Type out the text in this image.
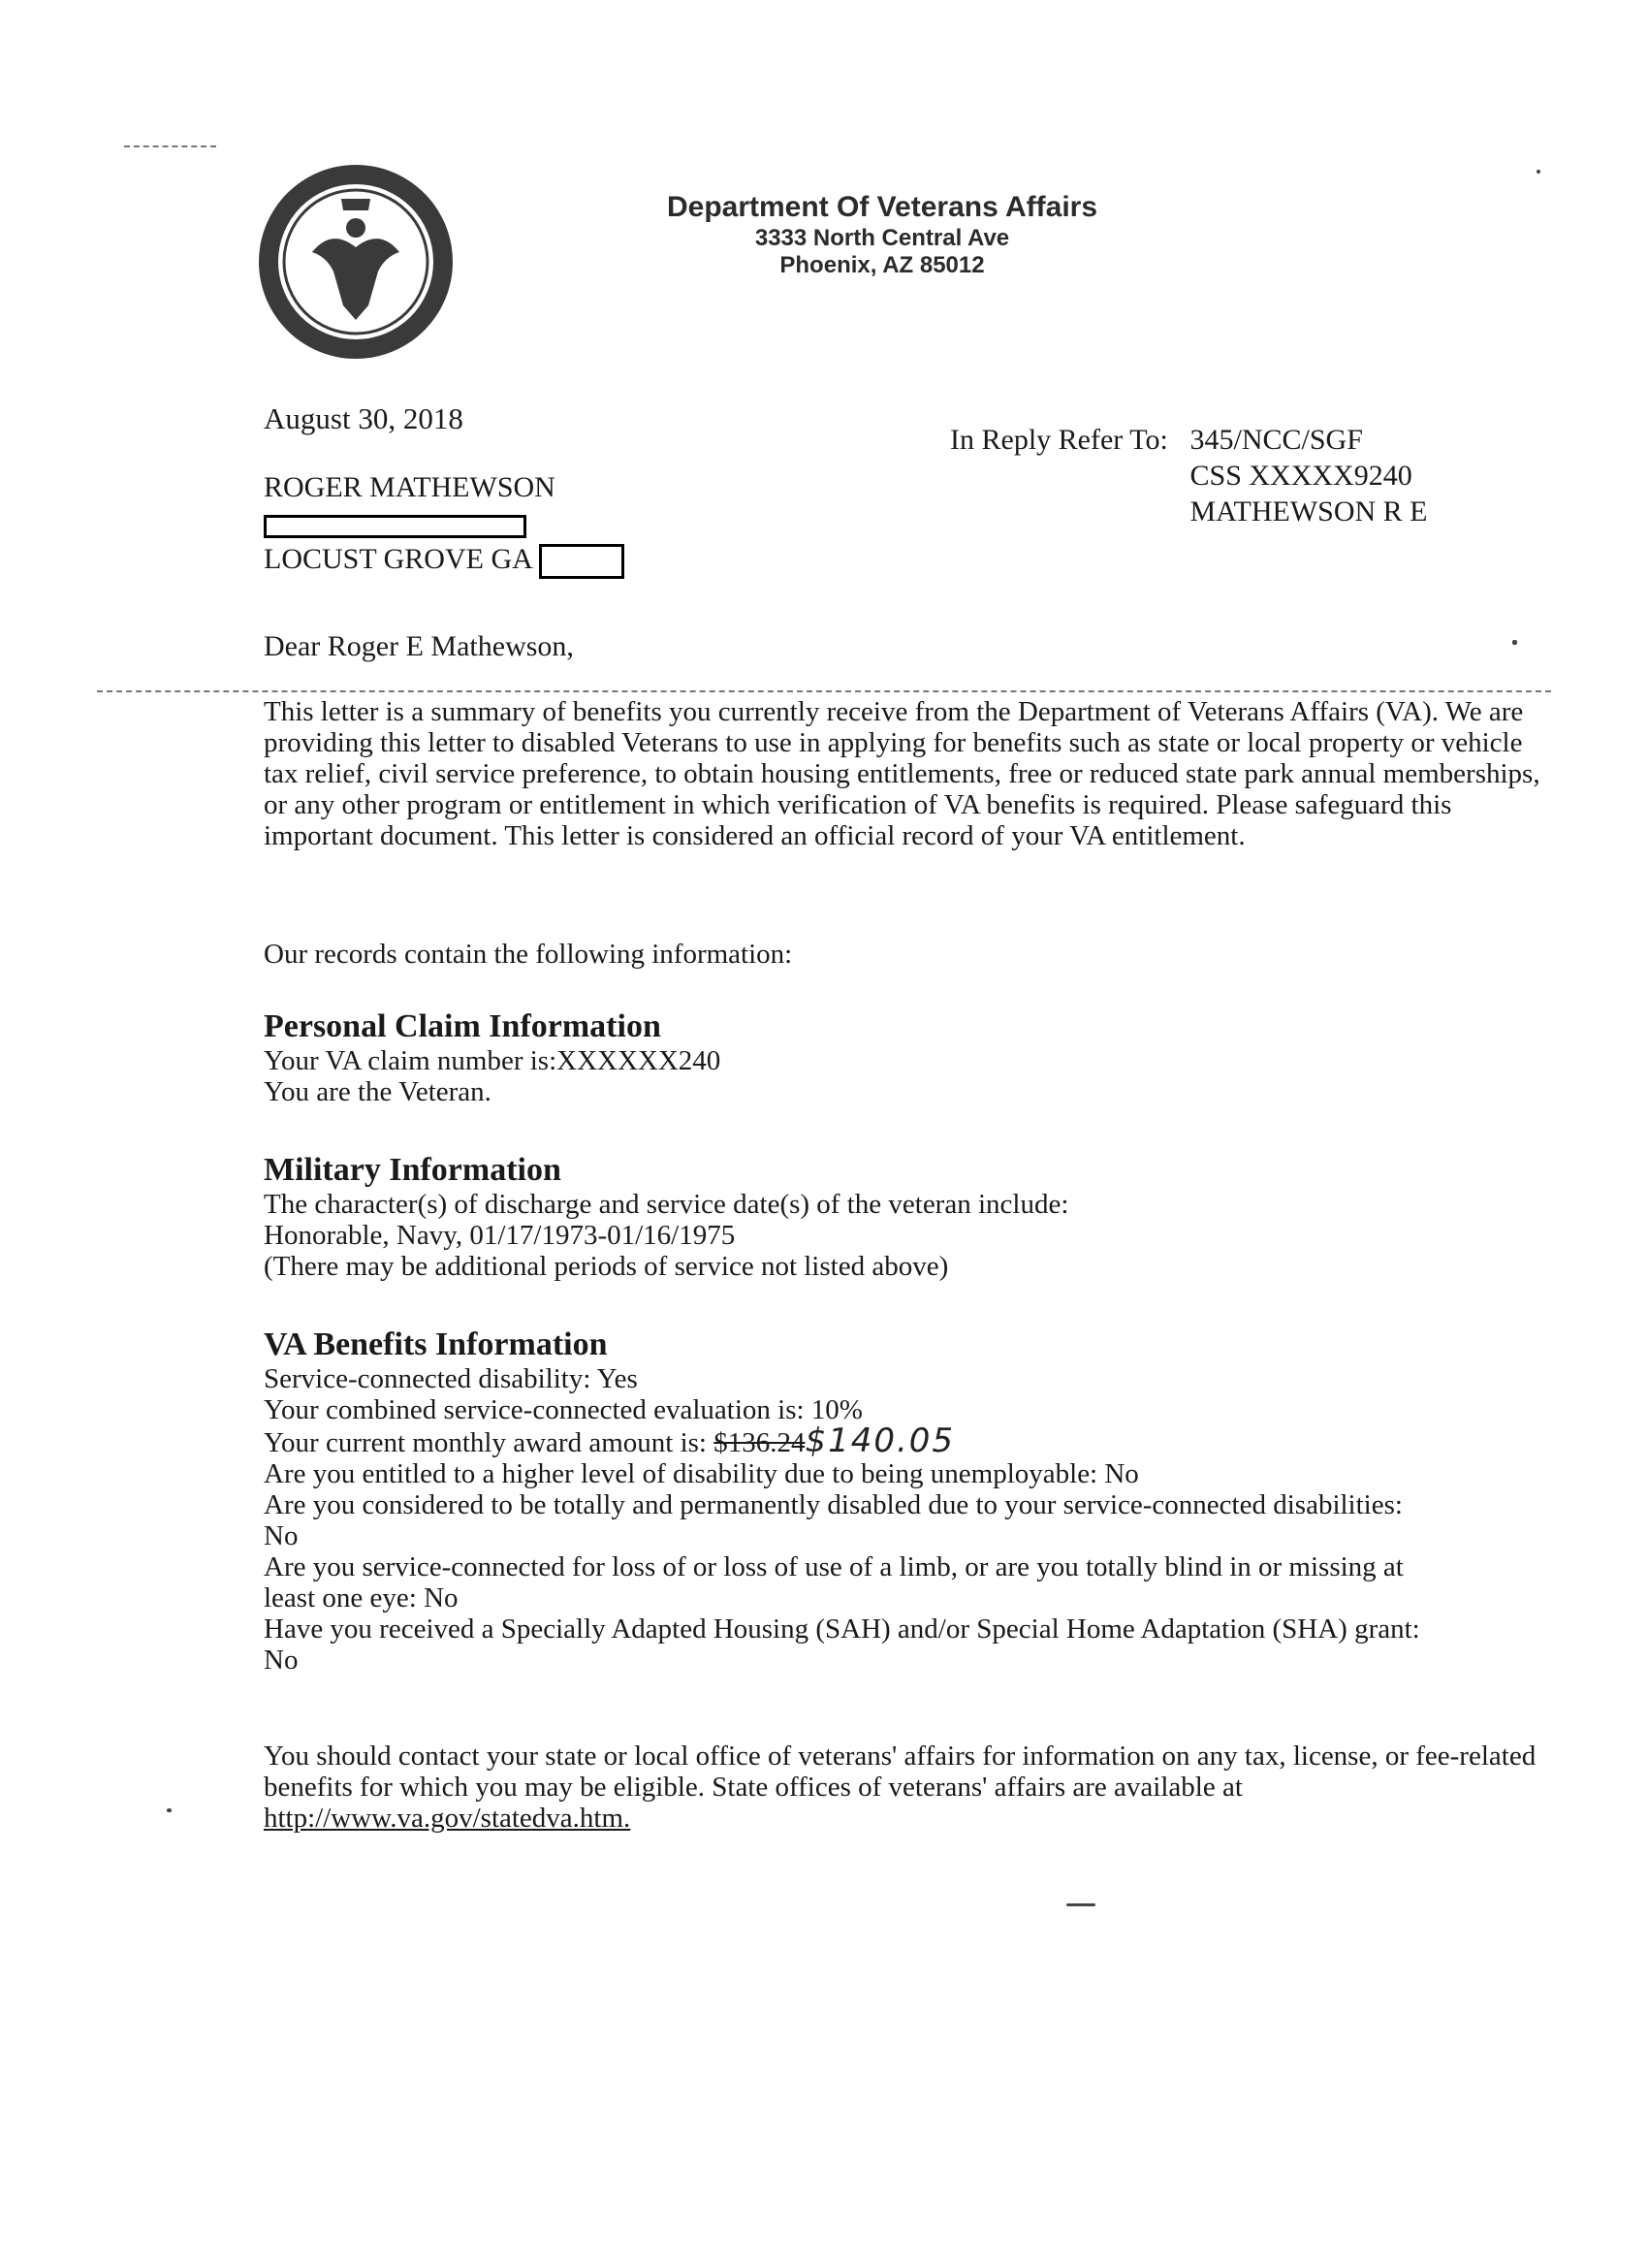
Department Of Veterans Affairs
3333 North Central Ave
Phoenix, AZ 85012
August 30, 2018
In Reply Refer To: 345/NCC/SGF
CSS XXXXX9240
MATHEWSON R E
ROGER MATHEWSON
LOCUST GROVE GA
Dear Roger E Mathewson,

This letter is a summary of benefits you currently receive from the Department of Veterans Affairs (VA). We are providing this letter to disabled Veterans to use in applying for benefits such as state or local property or vehicle tax relief, civil service preference, to obtain housing entitlements, free or reduced state park annual memberships, or any other program or entitlement in which verification of VA benefits is required. Please safeguard this important document. This letter is considered an official record of your VA entitlement.

Our records contain the following information:
Personal Claim Information

Your VA claim number is:XXXXXX240

You are the Veteran.

Military Information

The character(s) of discharge and service date(s) of the veteran include:

Honorable, Navy, 01/17/1973-01/16/1975

(There may be additional periods of service not listed above)

VA Benefits Information

Service-connected disability: Yes

Your combined service-connected evaluation is: 10%

Your current monthly award amount is: $136.24$140.05

Are you entitled to a higher level of disability due to being unemployable: No

Are you considered to be totally and permanently disabled due to your service-connected disabilities:

No

Are you service-connected for loss of or loss of use of a limb, or are you totally blind in or missing at

least one eye: No

Have you received a Specially Adapted Housing (SAH) and/or Special Home Adaptation (SHA) grant:

No

You should contact your state or local office of veterans' affairs for information on any tax, license, or fee-related benefits for which you may be eligible. State offices of veterans' affairs are available at
http://www.va.gov/statedva.htm.
